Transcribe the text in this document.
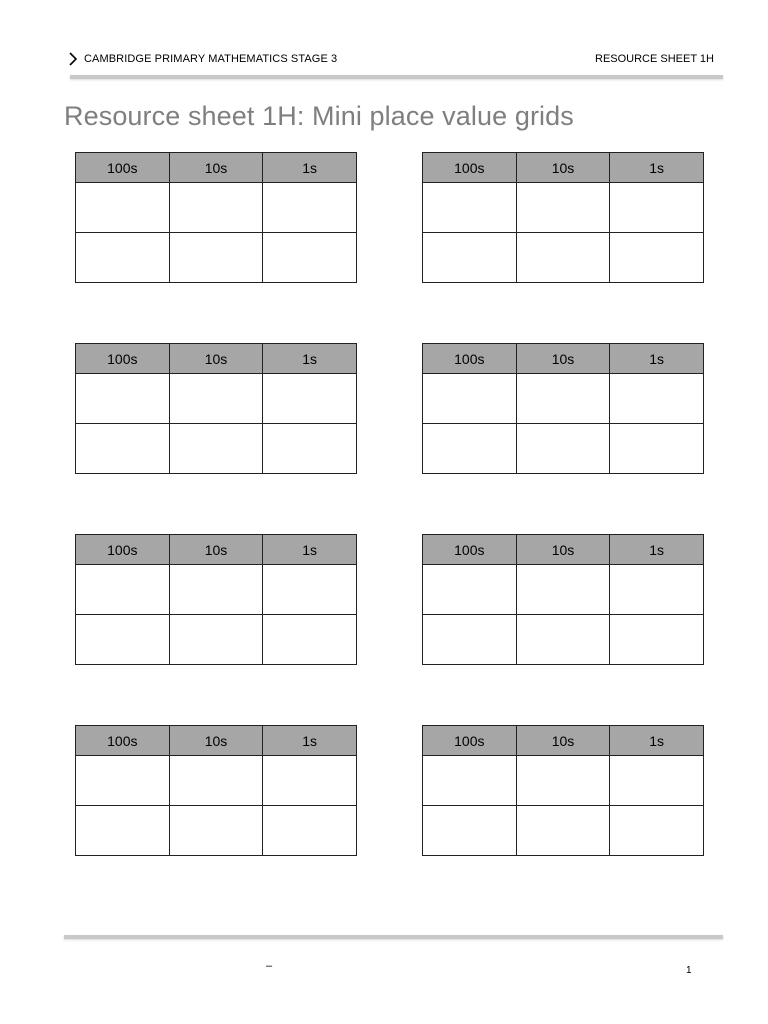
CAMBRIDGE PRIMARY MATHEMATICS STAGE 3	RESOURCE SHEET 1H
Resource sheet 1H: Mini place value grids
100s	10s	1s

			100s	10s	1s

100s	10s	1s

			100s	10s	1s

100s	10s	1s

			100s	10s	1s

100s	10s	1s

			100s	10s	1s

–	1
